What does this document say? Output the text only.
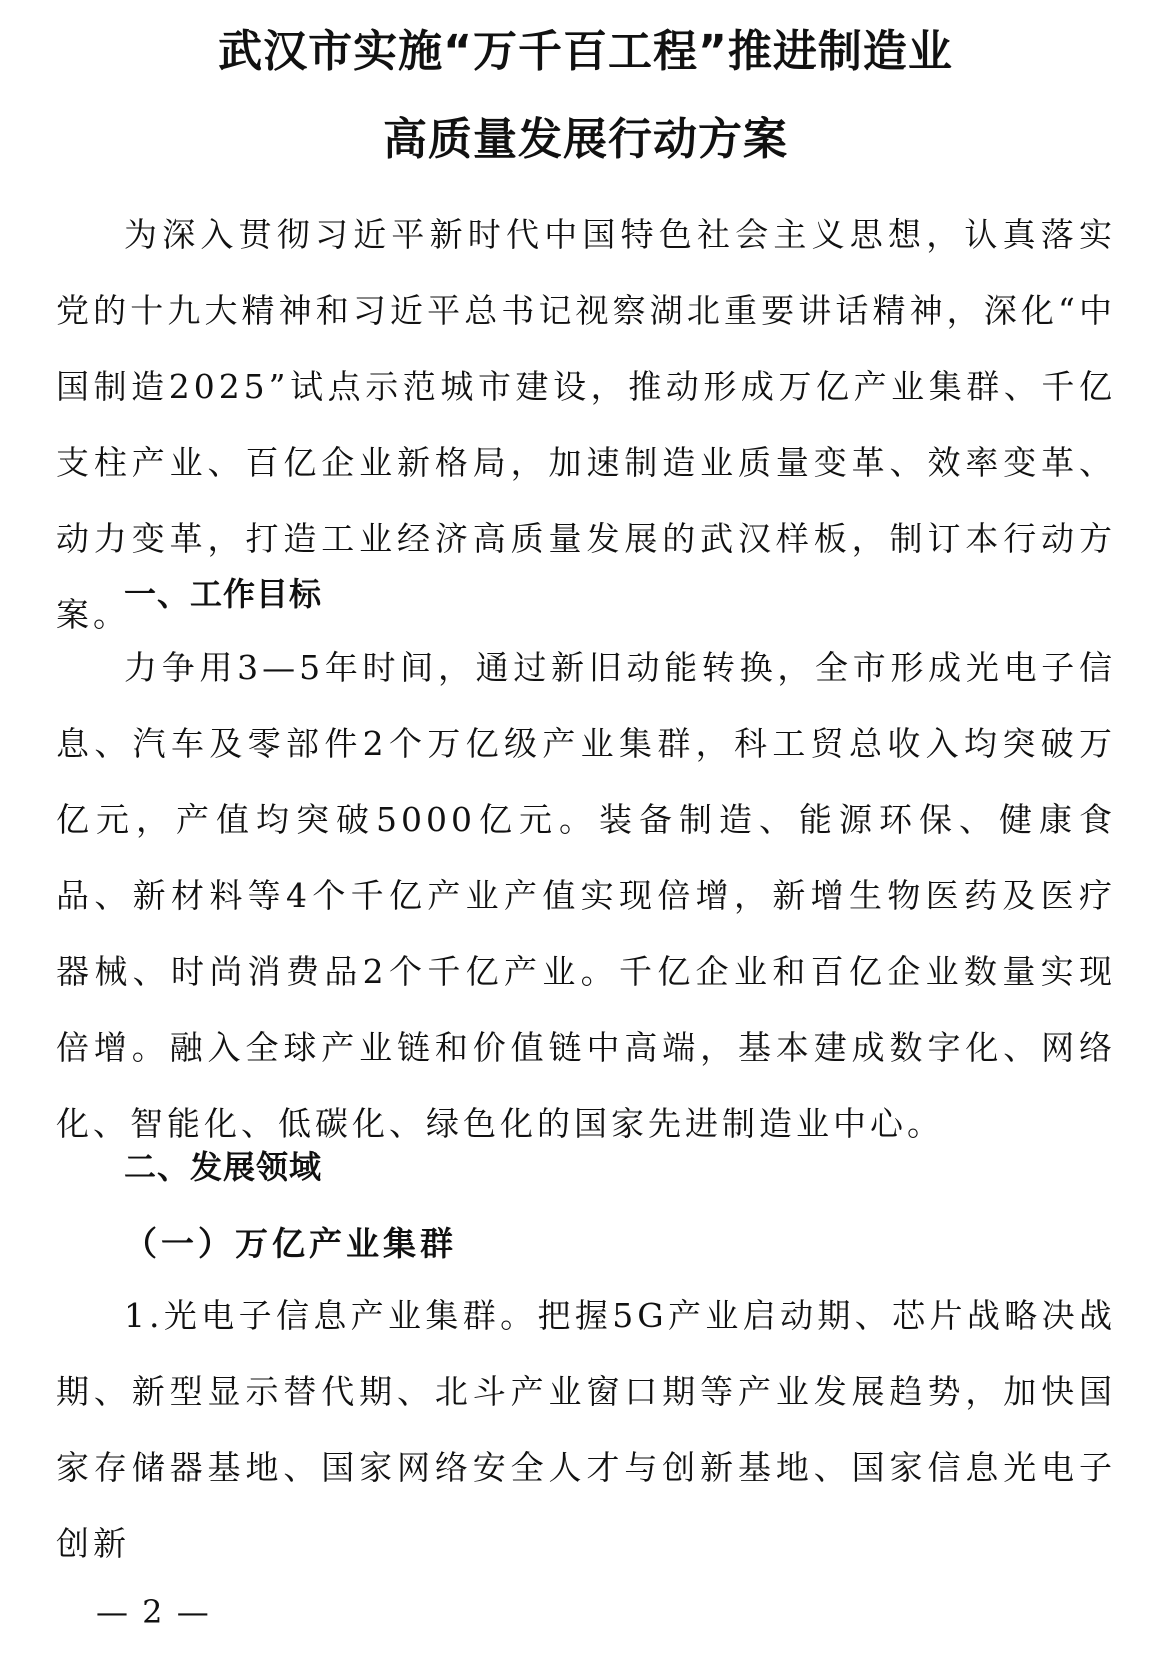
武汉市实施“万千百工程”推进制造业
高质量发展行动方案

为深入贯彻习近平新时代中国特色社会主义思想，认真落实党的十九大精神和习近平总书记视察湖北重要讲话精神，深化“中国制造2025”试点示范城市建设，推动形成万亿产业集群、千亿支柱产业、百亿企业新格局，加速制造业质量变革、效率变革、动力变革，打造工业经济高质量发展的武汉样板，制订本行动方案。

一、工作目标

力争用3—5年时间，通过新旧动能转换，全市形成光电子信息、汽车及零部件2个万亿级产业集群，科工贸总收入均突破万亿元，产值均突破5000亿元。装备制造、能源环保、健康食品、新材料等4个千亿产业产值实现倍增，新增生物医药及医疗器械、时尚消费品2个千亿产业。千亿企业和百亿企业数量实现倍增。融入全球产业链和价值链中高端，基本建成数字化、网络化、智能化、低碳化、绿色化的国家先进制造业中心。

二、发展领域
（一）万亿产业集群

1.光电子信息产业集群。把握5G产业启动期、芯片战略决战期、新型显示替代期、北斗产业窗口期等产业发展趋势，加快国家存储器基地、国家网络安全人才与创新基地、国家信息光电子创新

— 2 —
